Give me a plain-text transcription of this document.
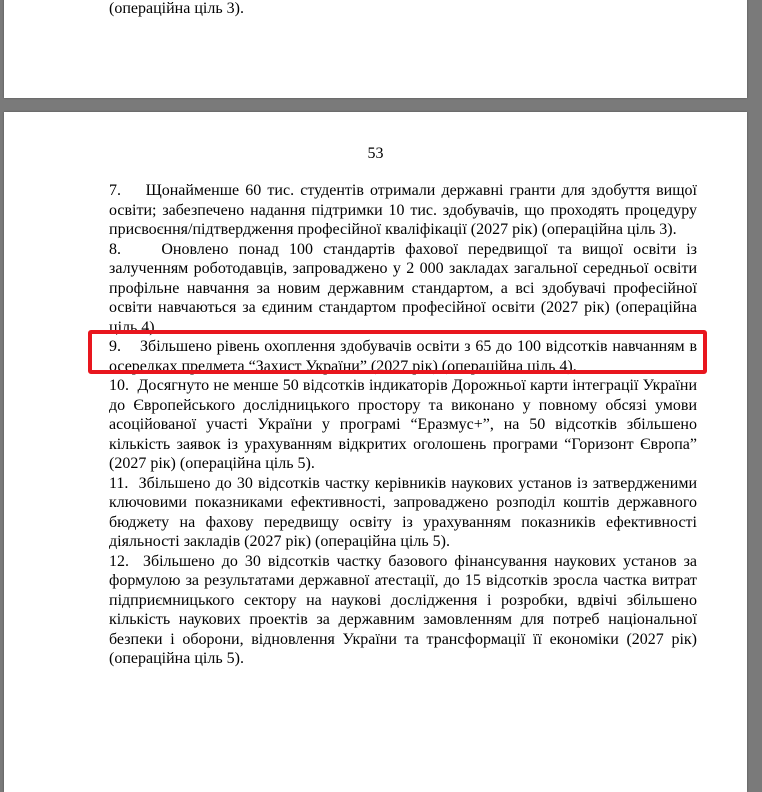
(операційна ціль 3).
53

7. Щонайменше 60 тис. студентів отримали державні гранти для здобуття вищої освіти; забезпечено надання підтримки 10 тис. здобувачів, що проходять процедуру присвоєння/підтвердження професійної кваліфікації (2027 рік) (операційна ціль 3).

8.	Оновлено понад 100 стандартів фахової передвищої та вищої освіти із залученням роботодавців, запроваджено у 2 000 закладах загальної середньої освіти профільне навчання за новим державним стандартом, а всі здобувачі професійної освіти навчаються за єдиним стандартом професійної освіти (2027 рік) (операційна ціль 4).

9. Збільшено рівень охоплення здобувачів освіти з 65 до 100 відсотків навчанням в осередках предмета “Захист України” (2027 рік) (операційна ціль 4).

10. Досягнуто не менше 50 відсотків індикаторів Дорожньої карти інтеграції України до Європейського дослідницького простору та виконано у повному обсязі умови асоційованої участі України у програмі “Еразмус+”, на 50 відсотків збільшено кількість заявок із урахуванням відкритих оголошень програми “Горизонт Європа” (2027 рік) (операційна ціль 5).

11. Збільшено до 30 відсотків частку керівників наукових установ із затвердженими ключовими показниками ефективності, запроваджено розподіл коштів державного бюджету на фахову передвищу освіту із урахуванням показників ефективності діяльності закладів (2027 рік) (операційна ціль 5).

12. Збільшено до 30 відсотків частку базового фінансування наукових установ за формулою за результатами державної атестації, до 15 відсотків зросла частка витрат підприємницького сектору на наукові дослідження і розробки, вдвічі збільшено кількість наукових проектів за державним замовленням для потреб національної безпеки і оборони, відновлення України та трансформації її економіки (2027 рік) (операційна ціль 5).
